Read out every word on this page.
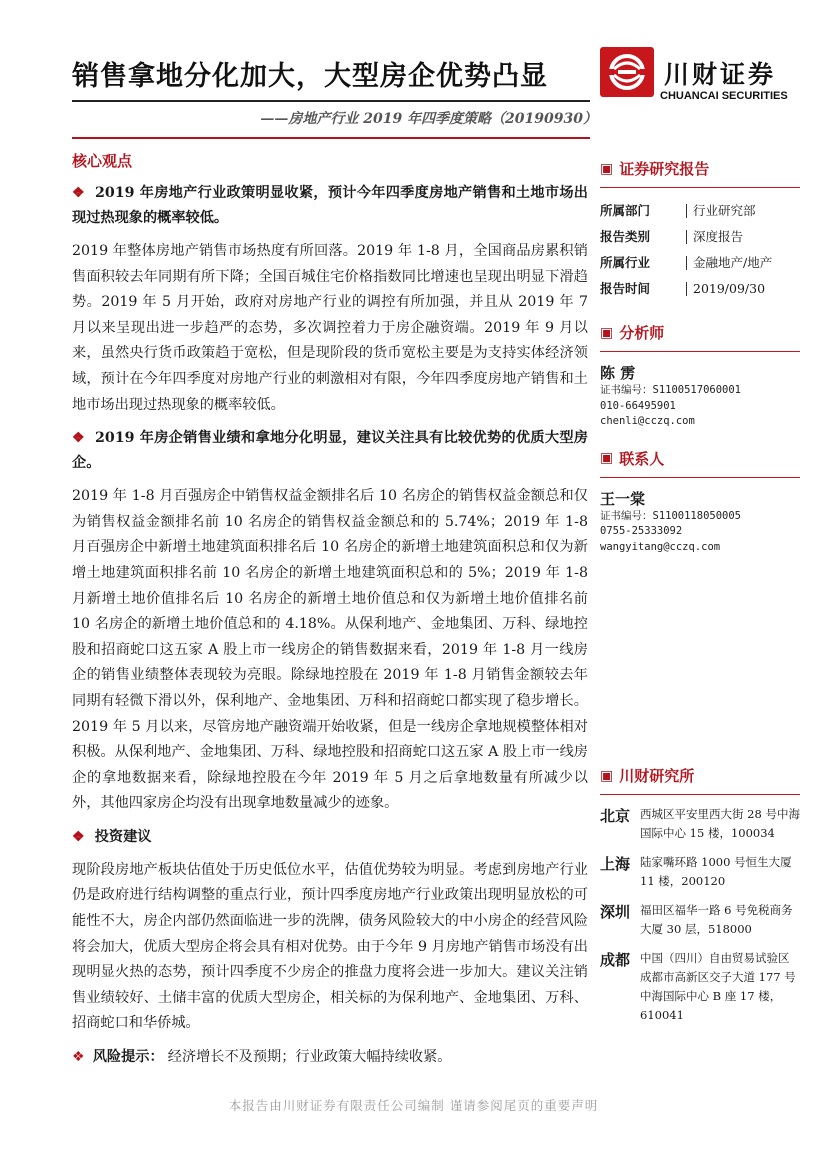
销售拿地分化加大，大型房企优势凸显
——房地产行业 2019 年四季度策略（20190930）
川财证券
CHUANCAI SECURITIES
核心观点
❖ 2019 年房地产行业政策明显收紧，预计今年四季度房地产销售和土地市场出现过热现象的概率较低。
2019 年整体房地产销售市场热度有所回落。2019 年 1-8 月，全国商品房累积销售面积较去年同期有所下降；全国百城住宅价格指数同比增速也呈现出明显下滑趋势。2019 年 5 月开始，政府对房地产行业的调控有所加强，并且从 2019 年 7 月以来呈现出进一步趋严的态势，多次调控着力于房企融资端。2019 年 9 月以来，虽然央行货币政策趋于宽松，但是现阶段的货币宽松主要是为支持实体经济领域，预计在今年四季度对房地产行业的刺激相对有限，今年四季度房地产销售和土地市场出现过热现象的概率较低。
❖ 2019 年房企销售业绩和拿地分化明显，建议关注具有比较优势的优质大型房企。
2019 年 1-8 月百强房企中销售权益金额排名后 10 名房企的销售权益金额总和仅为销售权益金额排名前 10 名房企的销售权益金额总和的 5.74%；2019 年 1-8 月百强房企中新增土地建筑面积排名后 10 名房企的新增土地建筑面积总和仅为新增土地建筑面积排名前 10 名房企的新增土地建筑面积总和的 5%；2019 年 1-8 月新增土地价值排名后 10 名房企的新增土地价值总和仅为新增土地价值排名前 10 名房企的新增土地价值总和的 4.18%。从保利地产、金地集团、万科、绿地控股和招商蛇口这五家 A 股上市一线房企的销售数据来看，2019 年 1-8 月一线房企的销售业绩整体表现较为亮眼。除绿地控股在 2019 年 1-8 月销售金额较去年同期有轻微下滑以外，保利地产、金地集团、万科和招商蛇口都实现了稳步增长。2019 年 5 月以来，尽管房地产融资端开始收紧，但是一线房企拿地规模整体相对积极。从保利地产、金地集团、万科、绿地控股和招商蛇口这五家 A 股上市一线房企的拿地数据来看，除绿地控股在今年 2019 年 5 月之后拿地数量有所减少以外，其他四家房企均没有出现拿地数量减少的迹象。
❖ 投资建议
现阶段房地产板块估值处于历史低位水平，估值优势较为明显。考虑到房地产行业仍是政府进行结构调整的重点行业，预计四季度房地产行业政策出现明显放松的可能性不大，房企内部仍然面临进一步的洗牌，债务风险较大的中小房企的经营风险将会加大，优质大型房企将会具有相对优势。由于今年 9 月房地产销售市场没有出现明显火热的态势，预计四季度不少房企的推盘力度将会进一步加大。建议关注销售业绩较好、土储丰富的优质大型房企，相关标的为保利地产、金地集团、万科、招商蛇口和华侨城。
❖ 风险提示： 经济增长不及预期；行业政策大幅持续收紧。
▣ 证券研究报告
所属部门	行业研究部
报告类别	深度报告
所属行业	金融地产/地产
报告时间	2019/09/30
▣ 分析师
陈 雳
证书编号：S1100517060001
010-66495901
chenli@cczq.com
▣ 联系人
王一棠
证书编号：S1100118050005
0755-25333092
wangyitang@cczq.com
▣ 川财研究所
北京 西城区平安里西大街 28 号中海国际中心 15 楼，100034
上海 陆家嘴环路 1000 号恒生大厦 11 楼，200120
深圳 福田区福华一路 6 号免税商务大厦 30 层，518000
成都 中国（四川）自由贸易试验区成都市高新区交子大道 177 号中海国际中心 B 座 17 楼，610041
本报告由川财证券有限责任公司编制 谨请参阅尾页的重要声明
